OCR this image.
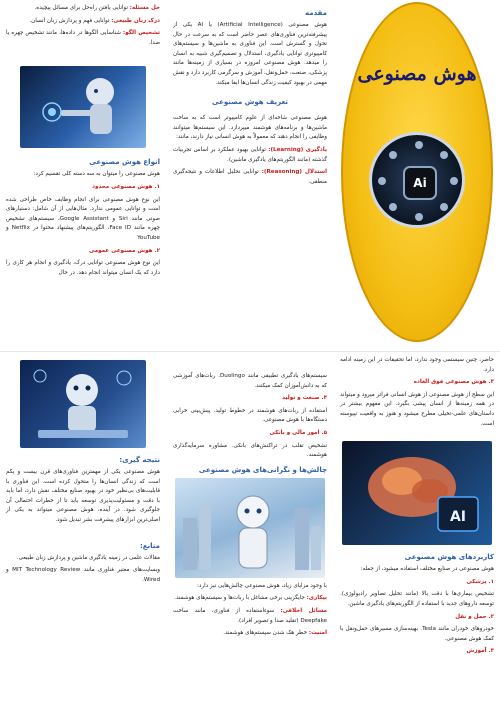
هوش مصنوعی
Ai
مقدمه

هوش مصنوعی (Artificial Intelligence) یا AI یکی از پیشرفته‌ترین فناوری‌های عصر حاضر است که به سرعت در حال تحول و گسترش است. این فناوری به ماشین‌ها و سیستم‌های کامپیوتری توانایی یادگیری، استدلال و تصمیم‌گیری شبیه به انسان را میدهد. هوش مصنوعی امروزه در بسیاری از زمینه‌ها مانند پزشکی، صنعت، حمل‌ونقل، آموزش و سرگرمی کاربرد دارد و نقش مهمی در بهبود کیفیت زندگی انسان‌ها ایفا میکند.

تعریف هوش مصنوعی

هوش مصنوعی شاخه‌ای از علوم کامپیوتر است که به ساخت ماشین‌ها و برنامه‌های هوشمند میپردازد. این سیستم‌ها میتوانند وظایفی را انجام دهند که معمولاً به هوش انسانی نیاز دارند، مانند:

یادگیری (Learning): توانایی بهبود عملکرد بر اساس تجربیات گذشته (مانند الگوریتم‌های یادگیری ماشین).

استدلال (Reasoning): توانایی تحلیل اطلاعات و نتیجه‌گیری منطقی.

حل مسئله: توانایی یافتن راه‌حل برای مسائل پیچیده.

درک زبان طبیعی: توانایی فهم و پردازش زبان انسان.

تشخیص الگو: شناسایی الگوها در داده‌ها، مانند تشخیص چهره یا صدا.

انواع هوش مصنوعی

هوش مصنوعی را میتوان به سه دسته کلی تقسیم کرد:

۱. هوش مصنوعی محدود

این نوع هوش مصنوعی برای انجام وظایف خاص طراحی شده است و توانایی عمومی ندارد. مثال‌هایی از آن شامل: دستیارهای صوتی مانند Siri و Google Assistant، سیستم‌های تشخیص چهره مانند Face ID، الگوریتم‌های پیشنهاد محتوا در Netflix و YouTube

۲. هوش مصنوعی عمومی

این نوع هوش مصنوعی توانایی درک، یادگیری و انجام هر کاری را دارد که یک انسان میتواند انجام دهد. در حال

حاضر، چنین سیستمی وجود ندارد، اما تحقیقات در این زمینه ادامه دارد.

۳. هوش مصنوعی فوق العاده

این سطح از هوش مصنوعی از هوش انسانی فراتر میرود و میتواند در همه زمینه‌ها از انسان پیشی بگیرد. این مفهوم بیشتر در داستان‌های علمی-تخیلی مطرح میشود و هنوز به واقعیت نپیوسته است.

AI
کاربردهای هوش مصنوعی

هوش مصنوعی در صنایع مختلف استفاده میشود، از جمله:

۱. پزشکی

تشخیص بیماری‌ها با دقت بالا (مانند تحلیل تصاویر رادیولوژی). توسعه داروهای جدید با استفاده از الگوریتم‌های یادگیری ماشین.

۲. حمل و نقل

خودروهای خودران مانند Tesla. بهینه‌سازی مسیرهای حمل‌ونقل با کمک هوش مصنوعی.

۳. آموزش

سیستم‌های یادگیری تطبیقی مانند Duolingo. ربات‌های آموزشی که به دانش‌آموزان کمک میکنند.

۴. صنعت و تولید

استفاده از ربات‌های هوشمند در خطوط تولید. پیش‌بینی خرابی دستگاه‌ها با هوش مصنوعی.

۵. امور مالی و بانکی

تشخیص تقلب در تراکنش‌های بانکی. مشاوره سرمایه‌گذاری هوشمند.

چالش‌ها و نگرانی‌های هوش مصنوعی

با وجود مزایای زیاد، هوش مصنوعی چالش‌هایی نیز دارد:

بیکاری: جایگزینی برخی مشاغل با ربات‌ها و سیستم‌های هوشمند.

مسائل اخلاقی: سوءاستفاده از فناوری، مانند ساخت Deepfake (تقلید صدا و تصویر افراد).

امنیت: خطر هک شدن سیستم‌های هوشمند.

نتیجه گیری:

هوش مصنوعی یکی از مهمترین فناوری‌های قرن بیست و یکم است که زندگی انسان‌ها را متحول کرده است. این فناوری با قابلیت‌های بی‌نظیر خود در بهبود صنایع مختلف نقش دارد، اما باید با دقت و مسئولیت‌پذیری توسعه یابد تا از خطرات احتمالی آن جلوگیری شود. در آینده، هوش مصنوعی میتواند به یکی از اصلی‌ترین ابزارهای پیشرفت بشر تبدیل شود.

منابع:

مقالات علمی در زمینه یادگیری ماشین و پردازش زبان طبیعی.

وبسایت‌های معتبر فناوری مانند MIT Technology Review و Wired.
